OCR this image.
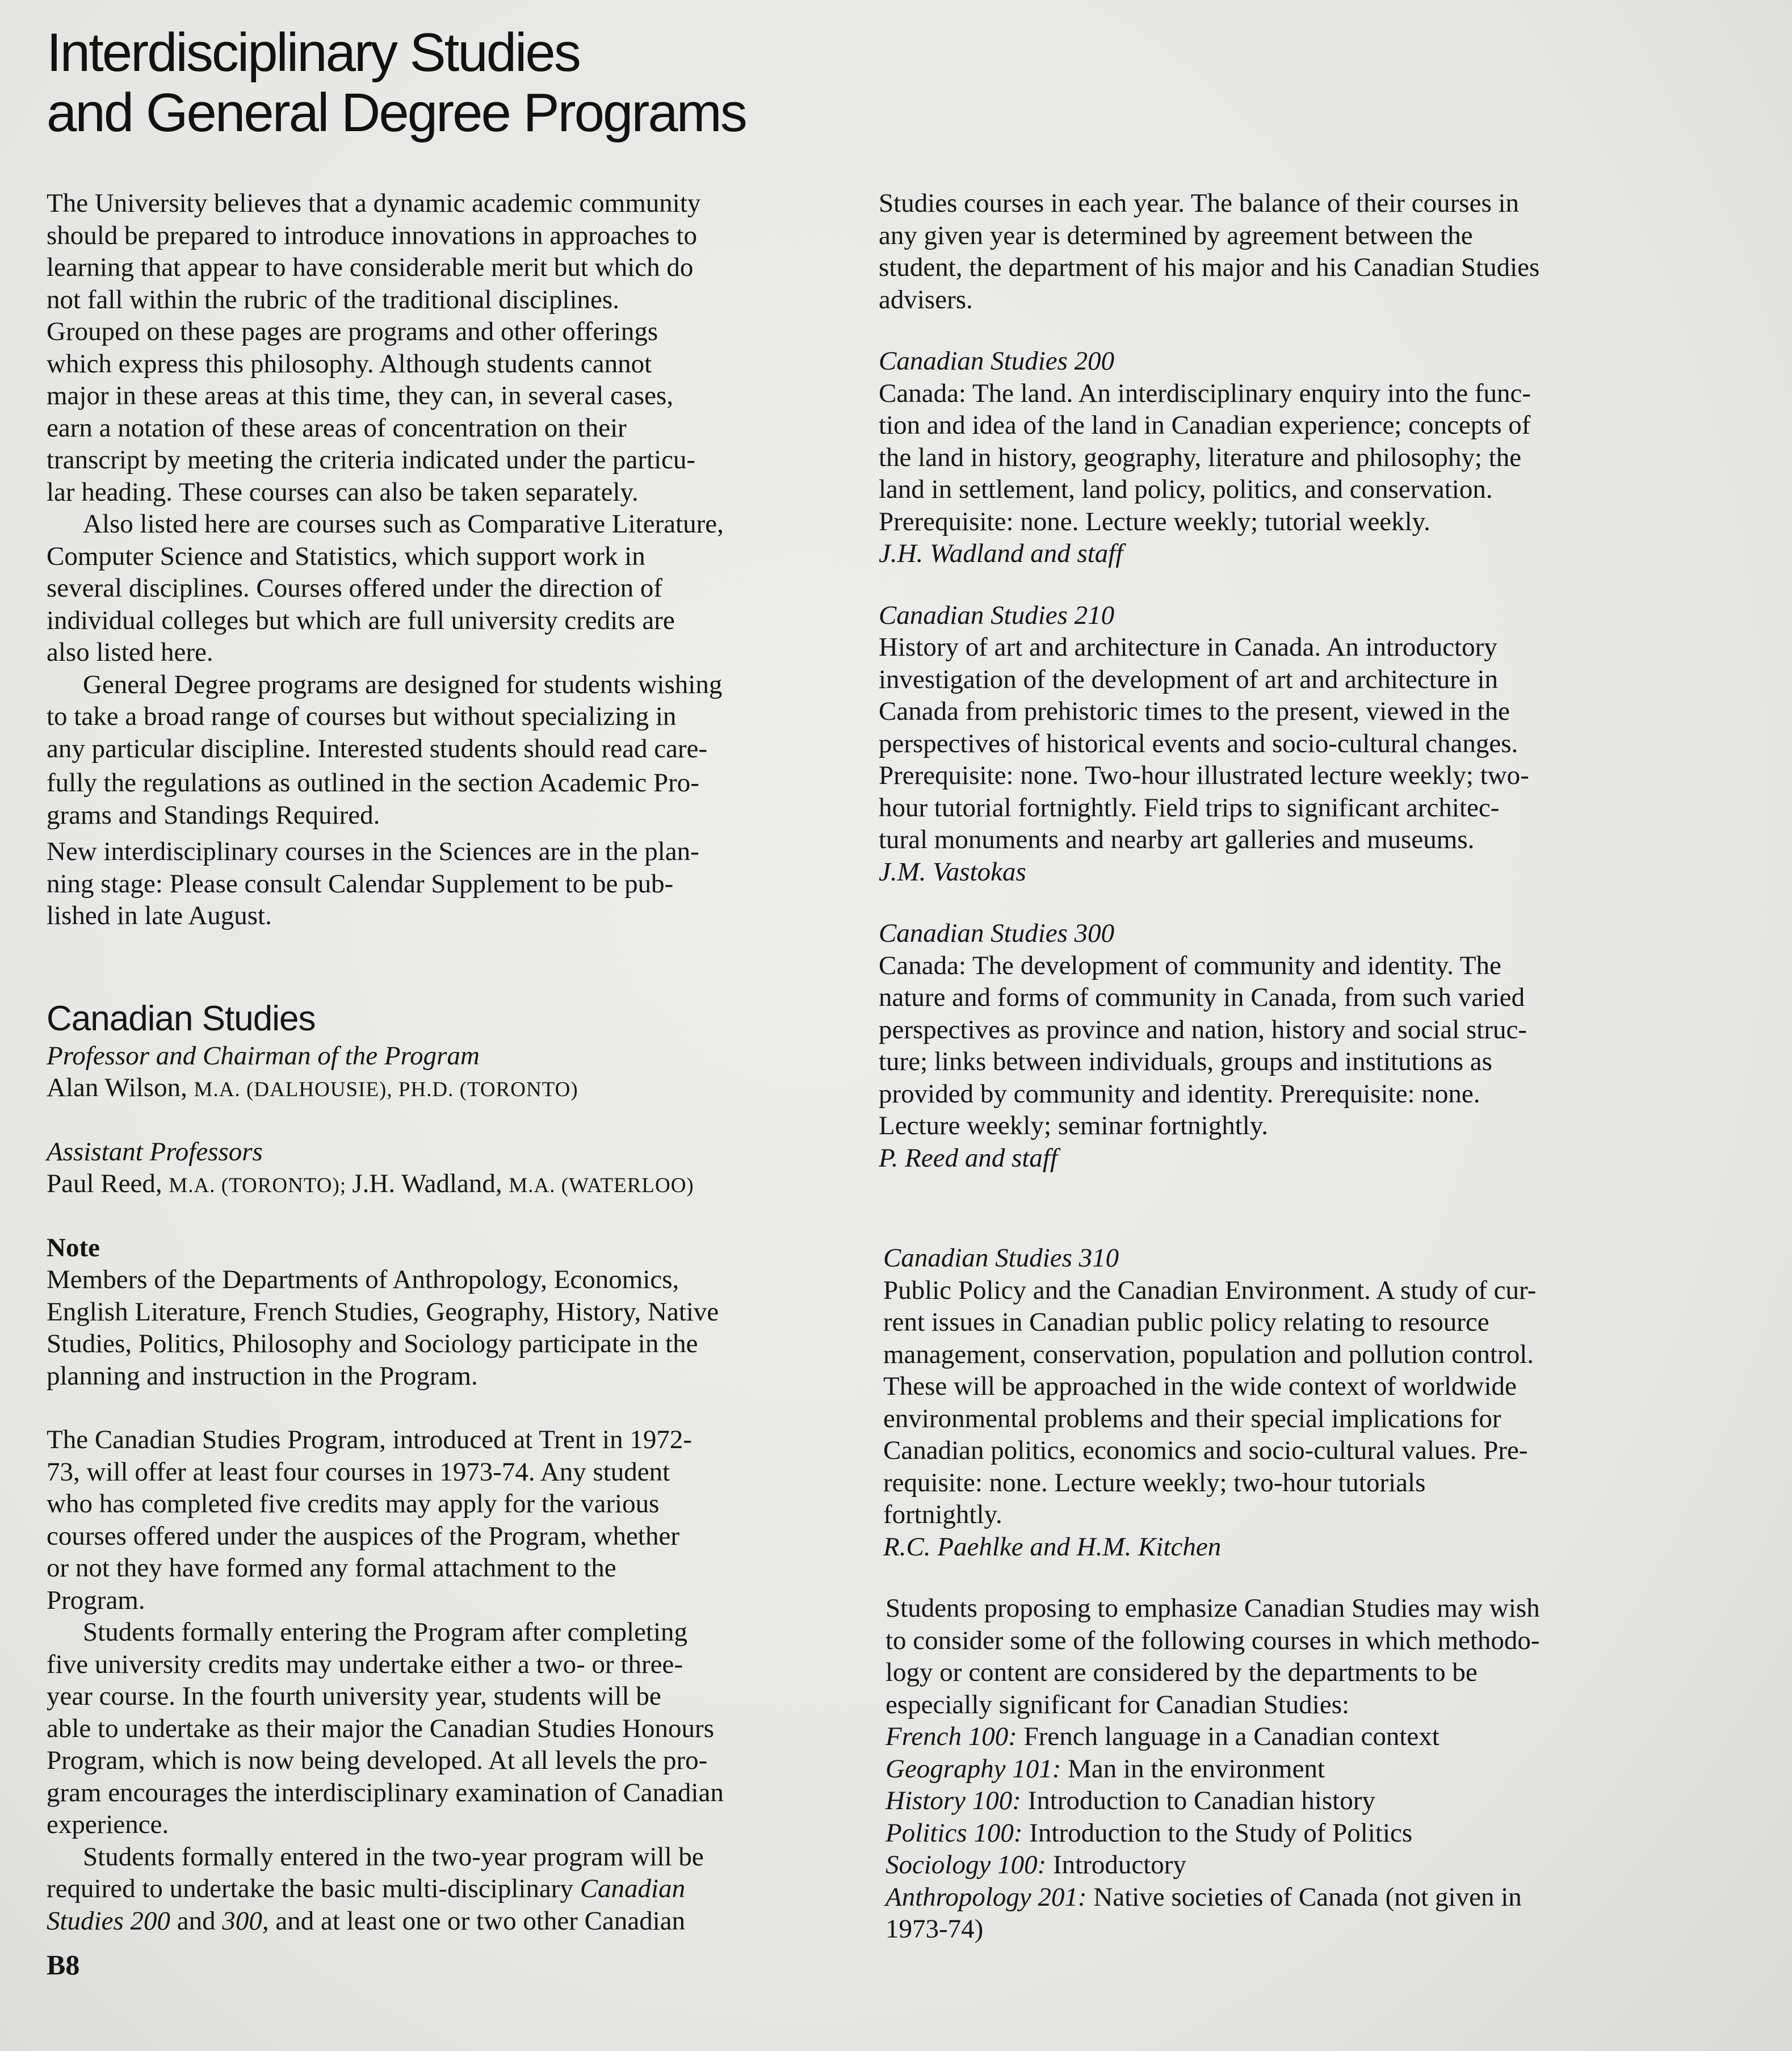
Interdisciplinary Studies
and General Degree Programs

The University believes that a dynamic academic community
should be prepared to introduce innovations in approaches to
learning that appear to have considerable merit but which do
not fall within the rubric of the traditional disciplines.
Grouped on these pages are programs and other offerings
which express this philosophy. Although students cannot
major in these areas at this time, they can, in several cases,
earn a notation of these areas of concentration on their
transcript by meeting the criteria indicated under the particu-
lar heading. These courses can also be taken separately.

Also listed here are courses such as Comparative Literature,
Computer Science and Statistics, which support work in
several disciplines. Courses offered under the direction of
individual colleges but which are full university credits are
also listed here.

General Degree programs are designed for students wishing
to take a broad range of courses but without specializing in
any particular discipline. Interested students should read care-
fully the regulations as outlined in the section Academic Pro-
grams and Standings Required.

New interdisciplinary courses in the Sciences are in the plan-
ning stage: Please consult Calendar Supplement to be pub-
lished in late August.

Canadian Studies

Professor and Chairman of the Program
Alan Wilson, M.A. (DALHOUSIE), PH.D. (TORONTO)

Assistant Professors
Paul Reed, M.A. (TORONTO); J.H. Wadland, M.A. (WATERLOO)

Note
Members of the Departments of Anthropology, Economics,
English Literature, French Studies, Geography, History, Native
Studies, Politics, Philosophy and Sociology participate in the
planning and instruction in the Program.

The Canadian Studies Program, introduced at Trent in 1972-
73, will offer at least four courses in 1973-74. Any student
who has completed five credits may apply for the various
courses offered under the auspices of the Program, whether
or not they have formed any formal attachment to the
Program.

Students formally entering the Program after completing
five university credits may undertake either a two- or three-
year course. In the fourth university year, students will be
able to undertake as their major the Canadian Studies Honours
Program, which is now being developed. At all levels the pro-
gram encourages the interdisciplinary examination of Canadian
experience.

Students formally entered in the two-year program will be
required to undertake the basic multi-disciplinary Canadian
Studies 200 and 300, and at least one or two other Canadian

Studies courses in each year. The balance of their courses in
any given year is determined by agreement between the
student, the department of his major and his Canadian Studies
advisers.

Canadian Studies 200
Canada: The land. An interdisciplinary enquiry into the func-
tion and idea of the land in Canadian experience; concepts of
the land in history, geography, literature and philosophy; the
land in settlement, land policy, politics, and conservation.
Prerequisite: none. Lecture weekly; tutorial weekly.
J.H. Wadland and staff
Canadian Studies 210
History of art and architecture in Canada. An introductory
investigation of the development of art and architecture in
Canada from prehistoric times to the present, viewed in the
perspectives of historical events and socio-cultural changes.
Prerequisite: none. Two-hour illustrated lecture weekly; two-
hour tutorial fortnightly. Field trips to significant architec-
tural monuments and nearby art galleries and museums.
J.M. Vastokas
Canadian Studies 300
Canada: The development of community and identity. The
nature and forms of community in Canada, from such varied
perspectives as province and nation, history and social struc-
ture; links between individuals, groups and institutions as
provided by community and identity. Prerequisite: none.
Lecture weekly; seminar fortnightly.
P. Reed and staff
Canadian Studies 310
Public Policy and the Canadian Environment. A study of cur-
rent issues in Canadian public policy relating to resource
management, conservation, population and pollution control.
These will be approached in the wide context of worldwide
environmental problems and their special implications for
Canadian politics, economics and socio-cultural values. Pre-
requisite: none. Lecture weekly; two-hour tutorials
fortnightly.
R.C. Paehlke and H.M. Kitchen
Students proposing to emphasize Canadian Studies may wish
to consider some of the following courses in which methodo-
logy or content are considered by the departments to be
especially significant for Canadian Studies:
French 100: French language in a Canadian context
Geography 101: Man in the environment
History 100: Introduction to Canadian history
Politics 100: Introduction to the Study of Politics
Sociology 100: Introductory
Anthropology 201: Native societies of Canada (not given in
1973-74)
B8
